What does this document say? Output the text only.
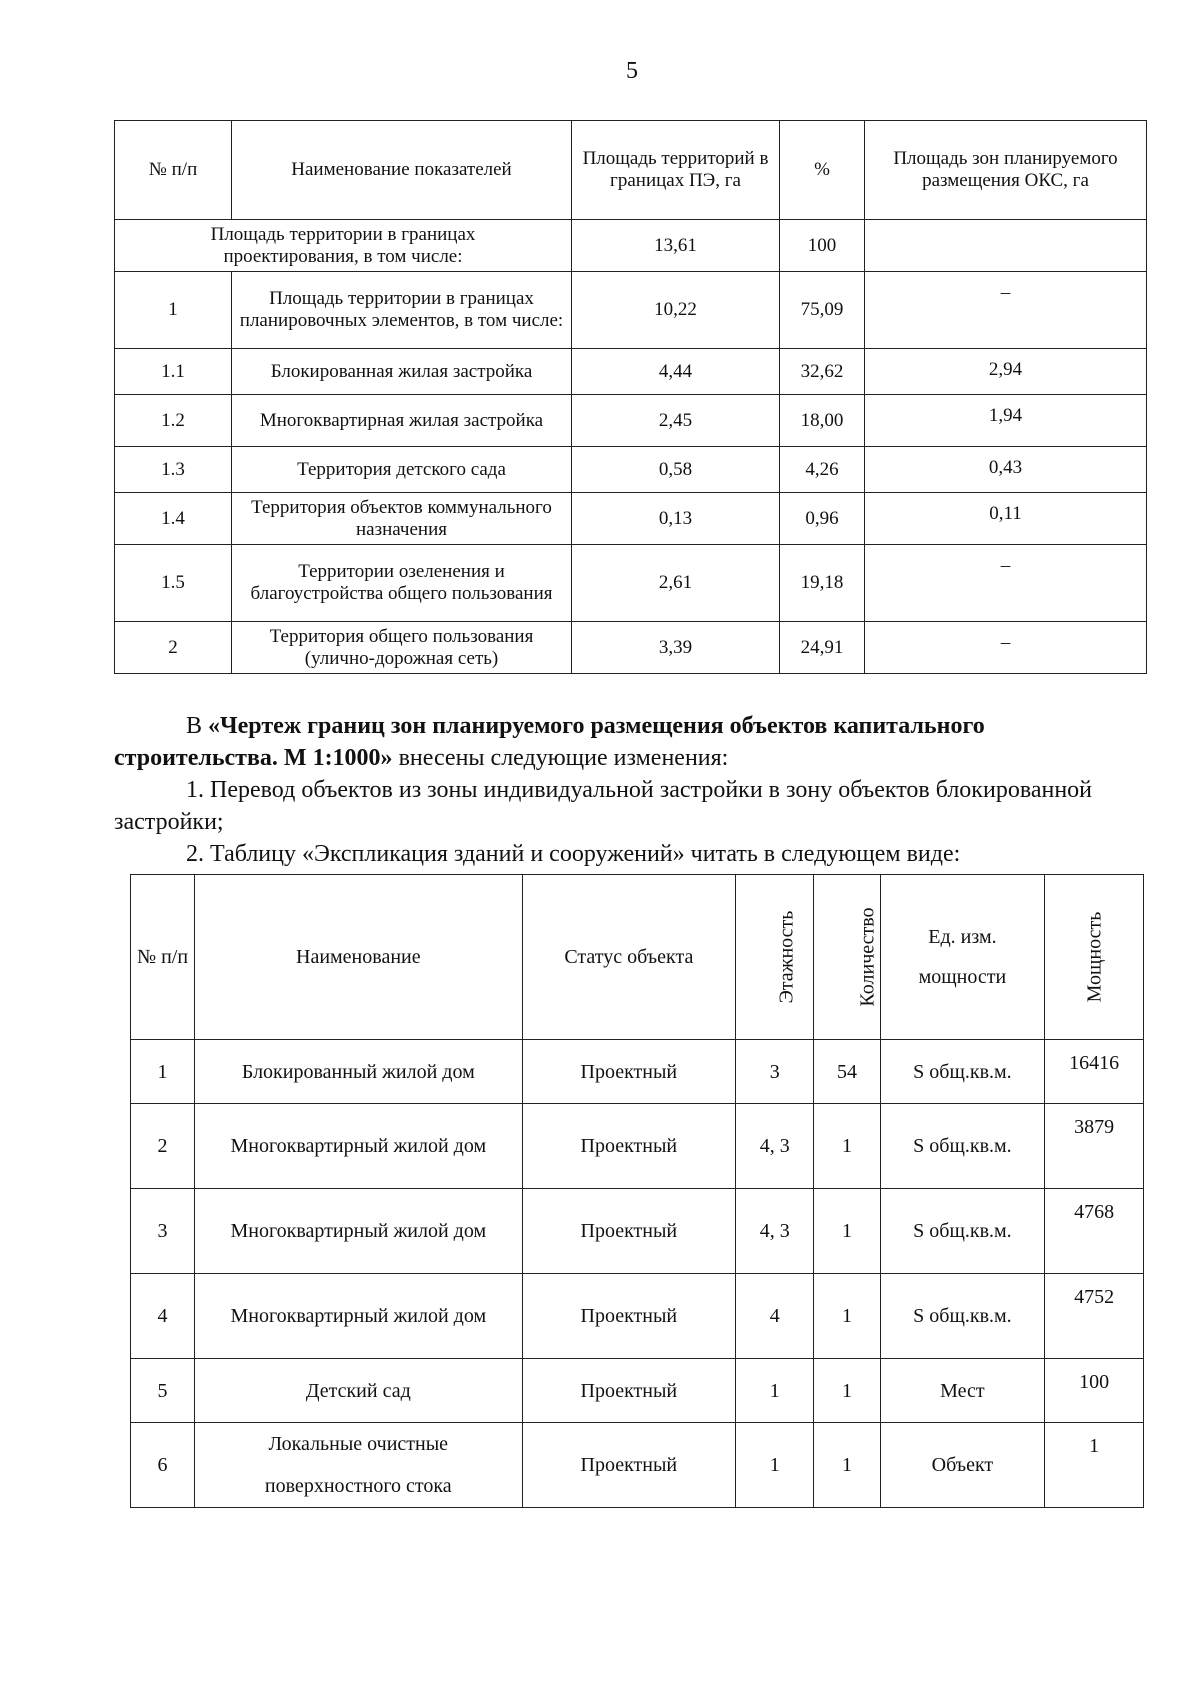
5
№ п/п	Наименование показателей	Площадь территорий в границах ПЭ, га	%	Площадь зон планируемого размещения ОКС, га
Площадь территории в границах проектирования, в том числе:		13,61	100	
1	Площадь территории в границах планировочных элементов, в том числе:	10,22	75,09	–
1.1	Блокированная жилая застройка	4,44	32,62	2,94
1.2	Многоквартирная жилая застройка	2,45	18,00	1,94
1.3	Территория детского сада	0,58	4,26	0,43
1.4	Территория объектов коммунального назначения	0,13	0,96	0,11
1.5	Территории озеленения и благоустройства общего пользования	2,61	19,18	–
2	Территория общего пользования (улично-дорожная сеть)	3,39	24,91	–
В «Чертеж границ зон планируемого размещения объектов капитального строительства. М 1:1000» внесены следующие изменения:
1. Перевод объектов из зоны индивидуальной застройки в зону объектов блокированной застройки;
2. Таблицу «Экспликация зданий и сооружений» читать в следующем виде:
№ п/п	Наименование	Статус объекта	Этажность	Количество	Ед. изм. мощности	Мощность
1	Блокированный жилой дом	Проектный	3	54	S общ.кв.м.	16416
2	Многоквартирный жилой дом	Проектный	4, 3	1	S общ.кв.м.	3879
3	Многоквартирный жилой дом	Проектный	4, 3	1	S общ.кв.м.	4768
4	Многоквартирный жилой дом	Проектный	4	1	S общ.кв.м.	4752
5	Детский сад	Проектный	1	1	Мест	100
6	Локальные очистные поверхностного стока	Проектный	1	1	Объект	1
